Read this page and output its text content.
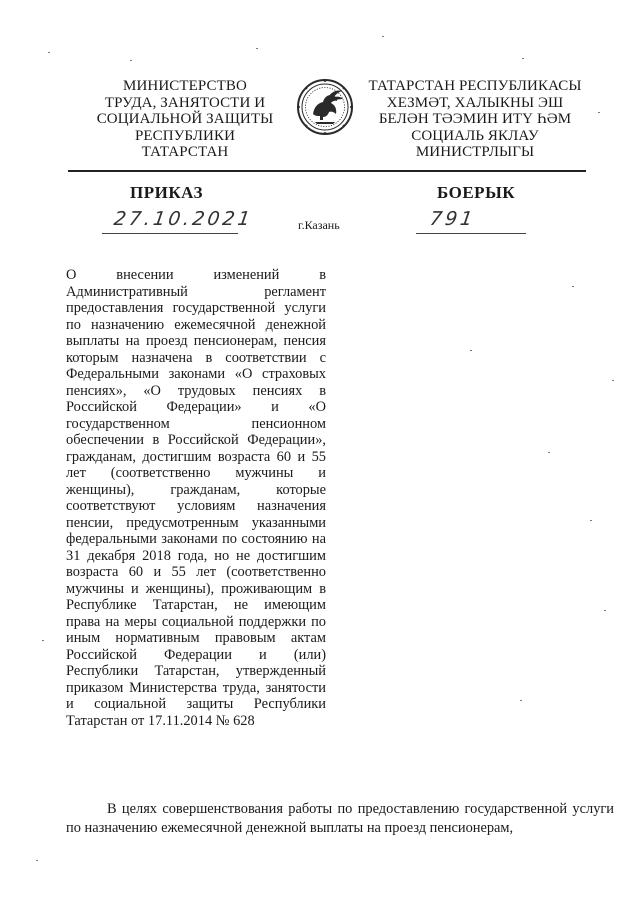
МИНИСТЕРСТВО
ТРУДА, ЗАНЯТОСТИ И
СОЦИАЛЬНОЙ ЗАЩИТЫ
РЕСПУБЛИКИ
ТАТАРСТАН
ТАТАРСТАН РЕСПУБЛИКАСЫ
ХЕЗМӘТ, ХАЛЫКНЫ ЭШ
БЕЛӘН ТӘЭМИН ИТҮ ҺӘМ
СОЦИАЛЬ ЯКЛАУ
МИНИСТРЛЫГЫ
ПРИКАЗ	БОЕРЫК
27.10.2021	г.Казань	791
О внесении изменений в Административный регламент предоставления государственной услуги по назначению ежемесячной денежной выплаты на проезд пенсионерам, пенсия которым назначена в соответствии с Федеральными законами «О страховых пенсиях», «О трудовых пенсиях в Российской Федерации» и «О государственном пенсионном обеспечении в Российской Федерации», гражданам, достигшим возраста 60 и 55 лет (соответственно мужчины и женщины), гражданам, которые соответствуют условиям назначения пенсии, предусмотренным указанными федеральными законами по состоянию на 31 декабря 2018 года, но не достигшим возраста 60 и 55 лет (соответственно мужчины и женщины), проживающим в Республике Татарстан, не имеющим права на меры социальной поддержки по иным нормативным правовым актам Российской Федерации и (или) Республики Татарстан, утвержденный приказом Министерства труда, занятости и социальной защиты Республики Татарстан от 17.11.2014 № 628
В целях совершенствования работы по предоставлению государственной услуги по назначению ежемесячной денежной выплаты на проезд пенсионерам,
